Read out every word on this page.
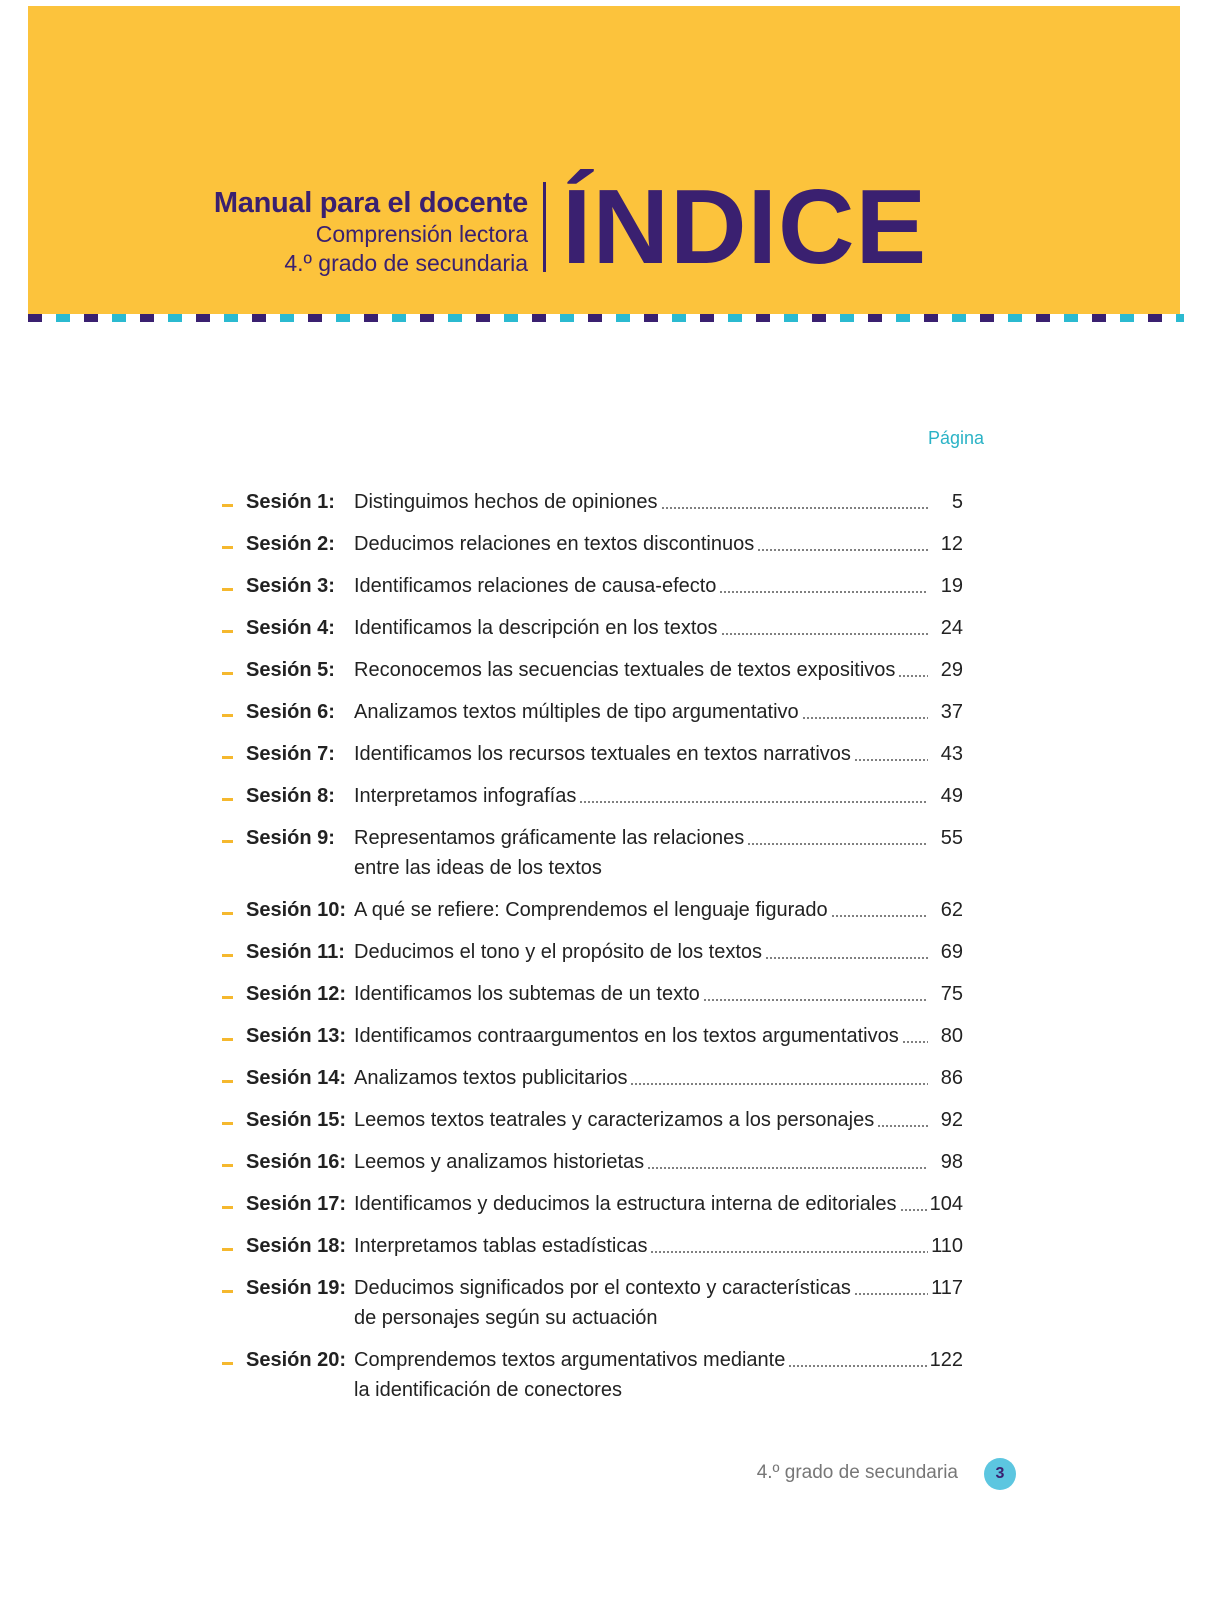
Manual para el docente
Comprensión lectora
4.º grado de secundaria ÍNDICE
Página
Sesión 1: Distinguimos hechos de opiniones	5
Sesión 2: Deducimos relaciones en textos discontinuos	12
Sesión 3: Identificamos relaciones de causa-efecto	19
Sesión 4: Identificamos la descripción en los textos	24
Sesión 5: Reconocemos las secuencias textuales de textos expositivos 29
Sesión 6: Analizamos textos múltiples de tipo argumentativo	37
Sesión 7: Identificamos los recursos textuales en textos narrativos	43
Sesión 8: Interpretamos infografías	49
Sesión 9: Representamos gráficamente las relaciones	55
entre las ideas de los textos
Sesión 10: A qué se refiere: Comprendemos el lenguaje figurado	62
Sesión 11: Deducimos el tono y el propósito de los textos	69
Sesión 12: Identificamos los subtemas de un texto	75
Sesión 13: Identificamos contraargumentos en los textos argumentativos 80
Sesión 14: Analizamos textos publicitarios	86
Sesión 15: Leemos textos teatrales y caracterizamos a los personajes	92
Sesión 16: Leemos y analizamos historietas	98
Sesión 17: Identificamos y deducimos la estructura interna de editoriales 104
Sesión 18: Interpretamos tablas estadísticas	110
Sesión 19: Deducimos significados por el contexto y características	117
de personajes según su actuación
Sesión 20: Comprendemos textos argumentativos mediante	122
la identificación de conectores
4.º grado de secundaria	3
